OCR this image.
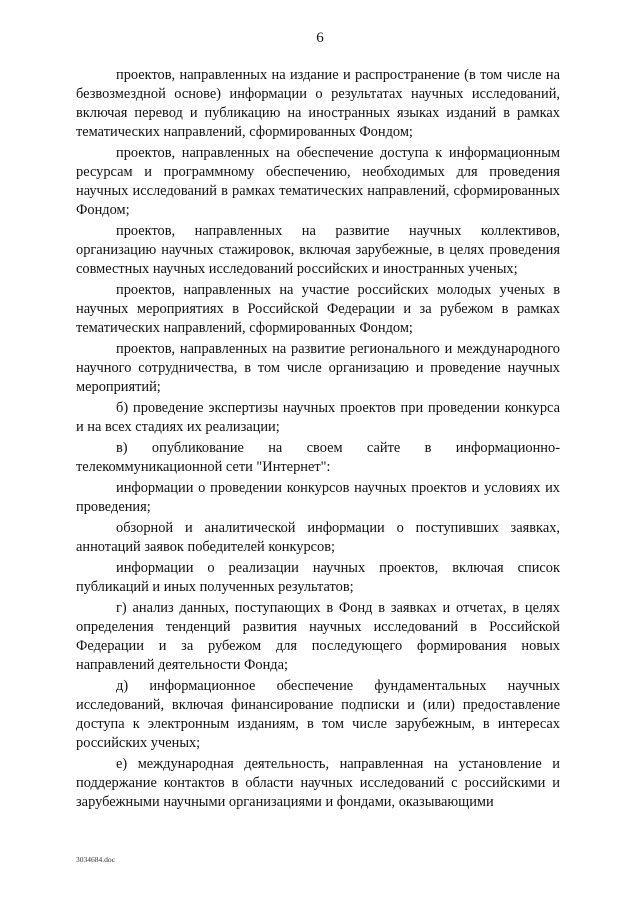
6

проектов, направленных на издание и распространение (в том числе на безвозмездной основе) информации о результатах научных исследований, включая перевод и публикацию на иностранных языках изданий в рамках тематических направлений, сформированных Фондом;

проектов, направленных на обеспечение доступа к информационным ресурсам и программному обеспечению, необходимых для проведения научных исследований в рамках тематических направлений, сформированных Фондом;

проектов, направленных на развитие научных коллективов, организацию научных стажировок, включая зарубежные, в целях проведения совместных научных исследований российских и иностранных ученых;

проектов, направленных на участие российских молодых ученых в научных мероприятиях в Российской Федерации и за рубежом в рамках тематических направлений, сформированных Фондом;

проектов, направленных на развитие регионального и международного научного сотрудничества, в том числе организацию и проведение научных мероприятий;

б) проведение экспертизы научных проектов при проведении конкурса и на всех стадиях их реализации;

в) опубликование на своем сайте в информационно-телекоммуникационной сети "Интернет":

информации о проведении конкурсов научных проектов и условиях их проведения;

обзорной и аналитической информации о поступивших заявках, аннотаций заявок победителей конкурсов;

информации о реализации научных проектов, включая список публикаций и иных полученных результатов;

г) анализ данных, поступающих в Фонд в заявках и отчетах, в целях определения тенденций развития научных исследований в Российской Федерации и за рубежом для последующего формирования новых направлений деятельности Фонда;

д) информационное обеспечение фундаментальных научных исследований, включая финансирование подписки и (или) предоставление доступа к электронным изданиям, в том числе зарубежным, в интересах российских ученых;

е) международная деятельность, направленная на установление и поддержание контактов в области научных исследований с российскими и зарубежными научными организациями и фондами, оказывающими

3034684.doc
